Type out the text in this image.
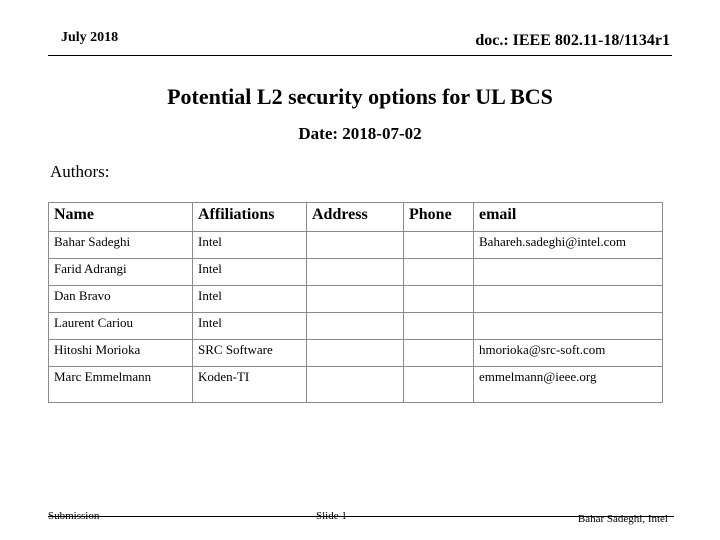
July 2018	doc.: IEEE 802.11-18/1134r1
Potential L2 security options for UL BCS
Date: 2018-07-02
Authors:
Name	Affiliations	Address	Phone	email
Bahar Sadeghi	Intel			Bahareh.sadeghi@intel.com
Farid Adrangi	Intel			
Dan Bravo	Intel			
Laurent Cariou	Intel			
Hitoshi Morioka	SRC Software			hmorioka@src-soft.com
Marc Emmelmann	Koden-TI			emmelmann@ieee.org
Submission	Slide 1	Bahar Sadeghi, Intel
